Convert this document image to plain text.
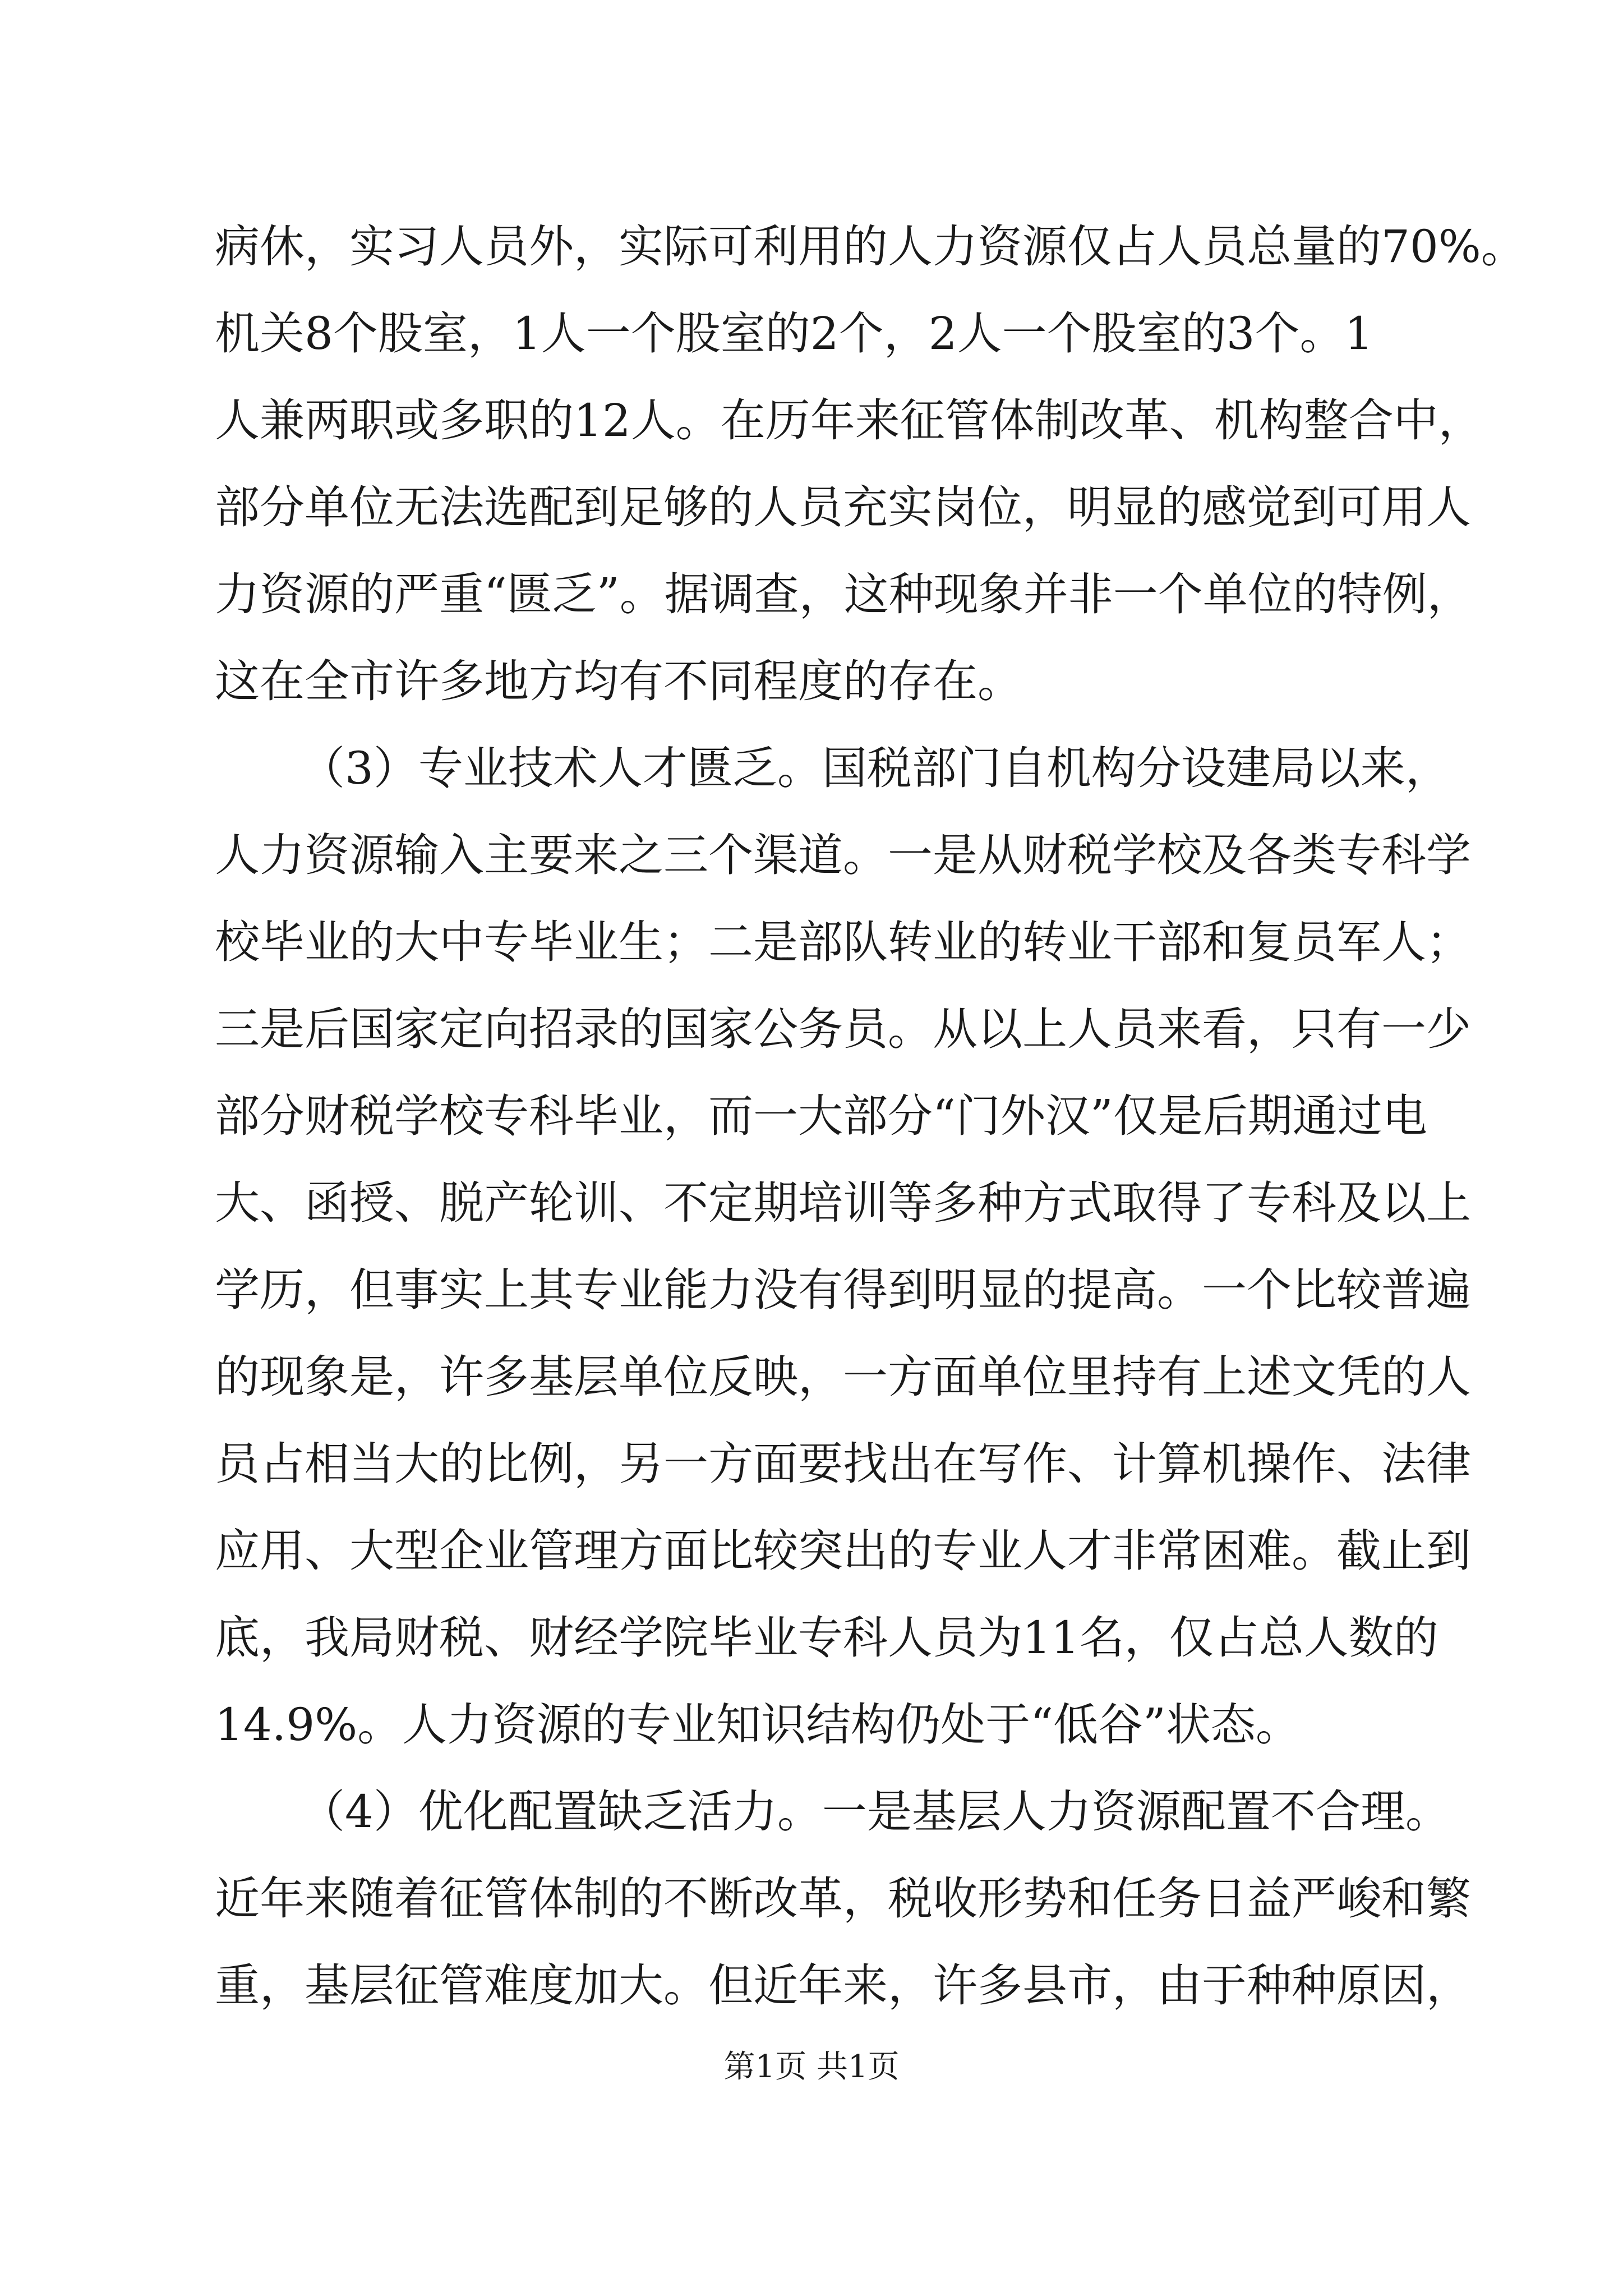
病休，实习人员外，实际可利用的人力资源仅占人员总量的70%。
机关8个股室，1人一个股室的2个，2人一个股室的3个。1
人兼两职或多职的12人。在历年来征管体制改革、机构整合中，
部分单位无法选配到足够的人员充实岗位，明显的感觉到可用人
力资源的严重“匮乏”。据调查，这种现象并非一个单位的特例，
这在全市许多地方均有不同程度的存在。
（3）专业技术人才匮乏。国税部门自机构分设建局以来，
人力资源输入主要来之三个渠道。一是从财税学校及各类专科学
校毕业的大中专毕业生；二是部队转业的转业干部和复员军人；
三是后国家定向招录的国家公务员。从以上人员来看，只有一少
部分财税学校专科毕业，而一大部分“门外汉”仅是后期通过电
大、函授、脱产轮训、不定期培训等多种方式取得了专科及以上
学历，但事实上其专业能力没有得到明显的提高。一个比较普遍
的现象是，许多基层单位反映，一方面单位里持有上述文凭的人
员占相当大的比例，另一方面要找出在写作、计算机操作、法律
应用、大型企业管理方面比较突出的专业人才非常困难。截止到
底，我局财税、财经学院毕业专科人员为11名，仅占总人数的
14.9%。人力资源的专业知识结构仍处于“低谷”状态。
（4）优化配置缺乏活力。一是基层人力资源配置不合理。
近年来随着征管体制的不断改革，税收形势和任务日益严峻和繁
重，基层征管难度加大。但近年来，许多县市，由于种种原因，
第1页 共1页
